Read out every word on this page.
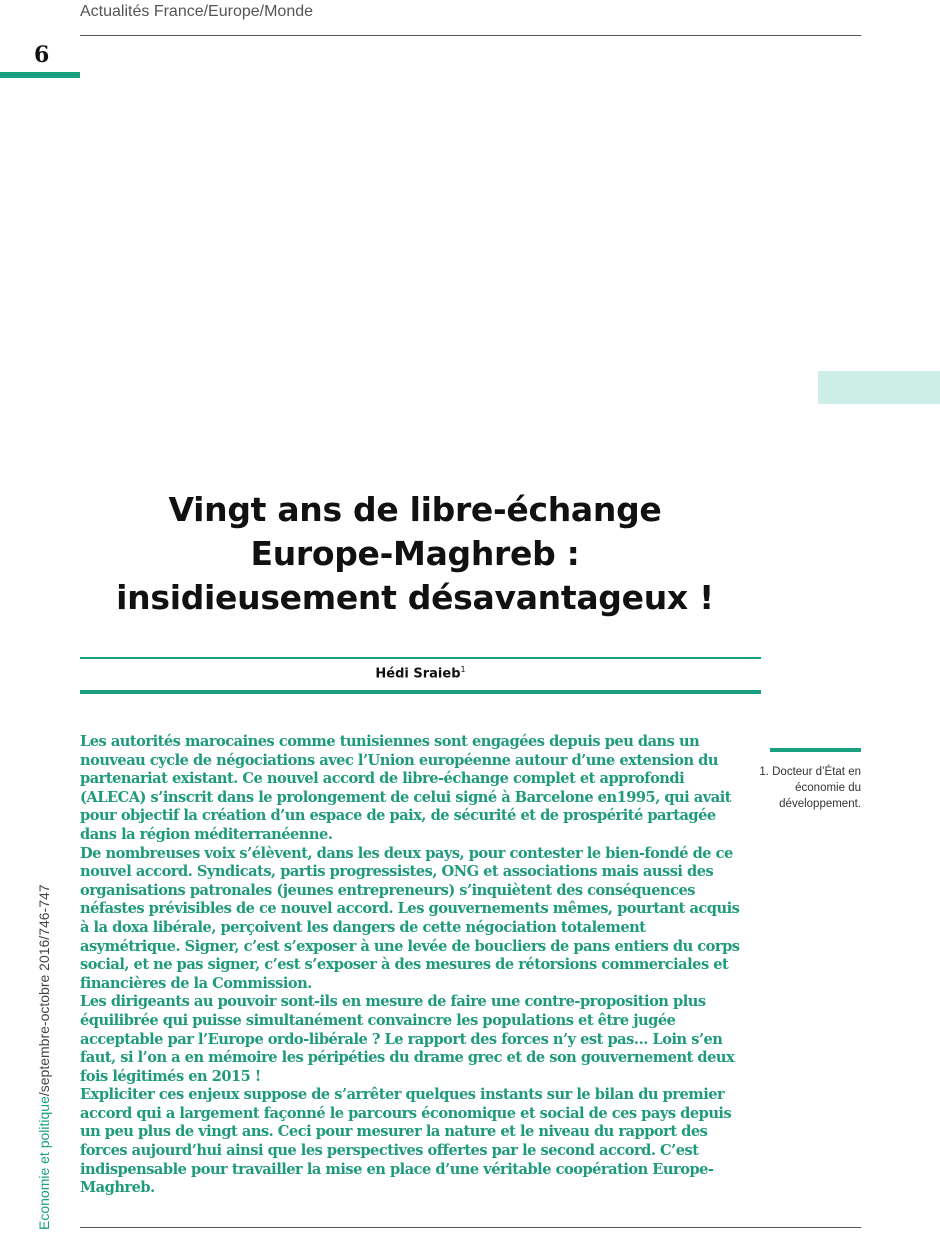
Actualités France/Europe/Monde
6
Vingt ans de libre-échange
Europe-Maghreb :
insidieusement désavantageux !
Hédi Sraieb$^1$

Les autorités marocaines comme tunisiennes sont engagées depuis peu dans un nouveau cycle de négociations avec l’Union européenne autour d’une extension du partenariat existant. Ce nouvel accord de libre-échange complet et approfondi (ALECA) s’inscrit dans le prolongement de celui signé à Barcelone en1995, qui avait pour objectif la création d’un espace de paix, de sécurité et de prospérité partagée dans la région méditerranéenne.

De nombreuses voix s’élèvent, dans les deux pays, pour contester le bien-fondé de ce nouvel accord. Syndicats, partis progressistes, ONG et associations mais aussi des organisations patronales (jeunes entrepreneurs) s’inquiètent des conséquences néfastes prévisibles de ce nouvel accord. Les gouvernements mêmes, pourtant acquis à la doxa libérale, perçoivent les dangers de cette négociation totalement asymétrique. Signer, c’est s’exposer à une levée de boucliers de pans entiers du corps social, et ne pas signer, c’est s’exposer à des mesures de rétorsions commerciales et financières de la Commission.

Les dirigeants au pouvoir sont-ils en mesure de faire une contre-proposition plus équilibrée qui puisse simultanément convaincre les populations et être jugée acceptable par l’Europe ordo-libérale ? Le rapport des forces n’y est pas… Loin s’en faut, si l’on a en mémoire les péripéties du drame grec et de son gouvernement deux fois légitimés en 2015 !

Expliciter ces enjeux suppose de s’arrêter quelques instants sur le bilan du premier accord qui a largement façonné le parcours économique et social de ces pays depuis un peu plus de vingt ans. Ceci pour mesurer la nature et le niveau du rapport des forces aujourd’hui ainsi que les perspectives offertes par le second accord. C’est indispensable pour travailler la mise en place d’une véritable coopération Europe-Maghreb.

1. Docteur d’État en économie du développement.
Economie et politique/septembre-octobre 2016/746-747
